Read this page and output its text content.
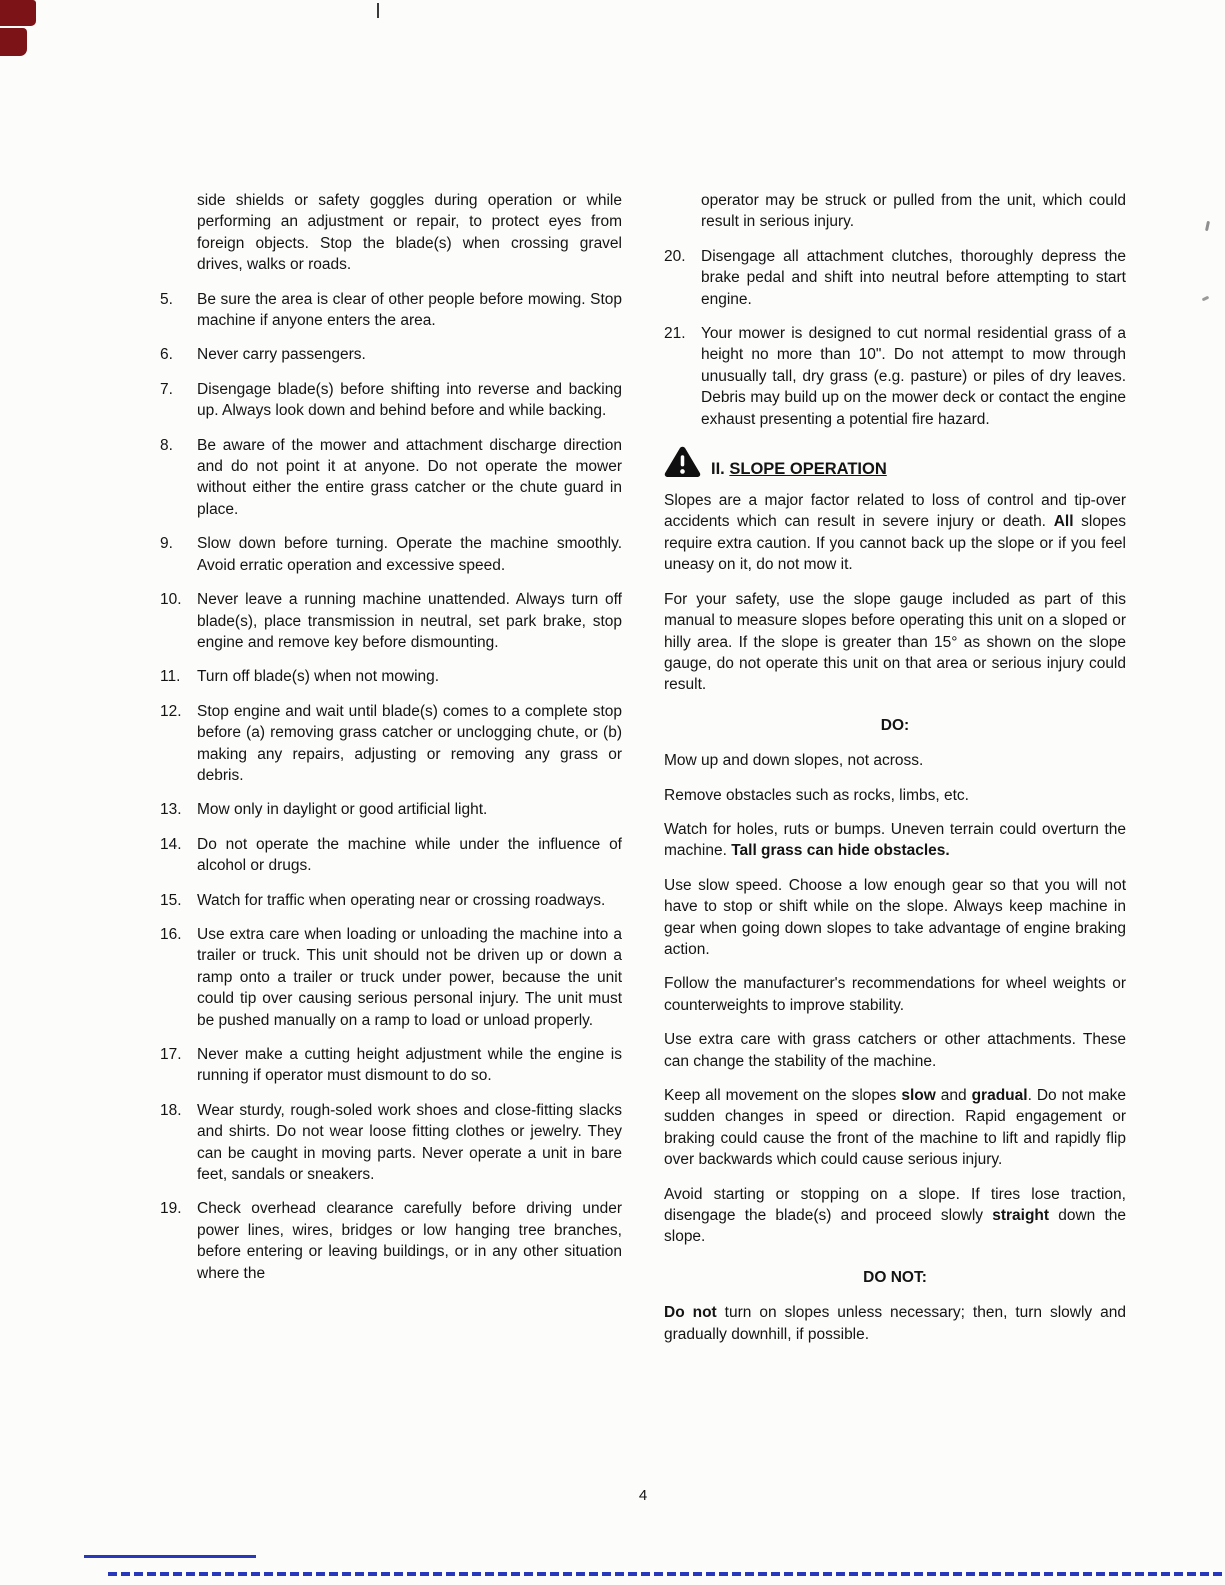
side shields or safety goggles during operation or while performing an adjustment or repair, to protect eyes from foreign objects. Stop the blade(s) when crossing gravel drives, walks or roads.

5.	Be sure the area is clear of other people before mowing. Stop machine if anyone enters the area.
6.	Never carry passengers.
7.	Disengage blade(s) before shifting into reverse and backing up. Always look down and behind before and while backing.
8.	Be aware of the mower and attachment discharge direction and do not point it at anyone. Do not operate the mower without either the entire grass catcher or the chute guard in place.
9.	Slow down before turning. Operate the machine smoothly. Avoid erratic operation and excessive speed.
10. Never leave a running machine unattended. Always turn off blade(s), place transmission in neutral, set park brake, stop engine and remove key before dismounting.
11.	Turn off blade(s) when not mowing.
12. Stop engine and wait until blade(s) comes to a complete stop before (a) removing grass catcher or unclogging chute, or (b) making any repairs, adjusting or removing any grass or debris.
13. Mow only in daylight or good artificial light.
14. Do not operate the machine while under the influence of alcohol or drugs.
15. Watch for traffic when operating near or crossing roadways.
16. Use extra care when loading or unloading the machine into a trailer or truck. This unit should not be driven up or down a ramp onto a trailer or truck under power, because the unit could tip over causing serious personal injury. The unit must be pushed manually on a ramp to load or unload properly.
17. Never make a cutting height adjustment while the engine is running if operator must dismount to do so.
18. Wear sturdy, rough-soled work shoes and close-fitting slacks and shirts. Do not wear loose fitting clothes or jewelry. They can be caught in moving parts. Never operate a unit in bare feet, sandals or sneakers.
19. Check overhead clearance carefully before driving under power lines, wires, bridges or low hanging tree branches, before entering or leaving buildings, or in any other situation where the

operator may be struck or pulled from the unit, which could result in serious injury.

20. Disengage all attachment clutches, thoroughly depress the brake pedal and shift into neutral before attempting to start engine.
21. Your mower is designed to cut normal residential grass of a height no more than 10". Do not attempt to mow through unusually tall, dry grass (e.g. pasture) or piles of dry leaves. Debris may build up on the mower deck or contact the engine exhaust presenting a potential fire hazard.
II. SLOPE OPERATION

Slopes are a major factor related to loss of control and tip-over accidents which can result in severe injury or death. All slopes require extra caution. If you cannot back up the slope or if you feel uneasy on it, do not mow it.

For your safety, use the slope gauge included as part of this manual to measure slopes before operating this unit on a sloped or hilly area. If the slope is greater than 15° as shown on the slope gauge, do not operate this unit on that area or serious injury could result.

DO:

Mow up and down slopes, not across.

Remove obstacles such as rocks, limbs, etc.

Watch for holes, ruts or bumps. Uneven terrain could overturn the machine. Tall grass can hide obstacles.

Use slow speed. Choose a low enough gear so that you will not have to stop or shift while on the slope. Always keep machine in gear when going down slopes to take advantage of engine braking action.

Follow the manufacturer's recommendations for wheel weights or counterweights to improve stability.

Use extra care with grass catchers or other attachments. These can change the stability of the machine.

Keep all movement on the slopes slow and gradual. Do not make sudden changes in speed or direction. Rapid engagement or braking could cause the front of the machine to lift and rapidly flip over backwards which could cause serious injury.

Avoid starting or stopping on a slope. If tires lose traction, disengage the blade(s) and proceed slowly straight down the slope.

DO NOT:

Do not turn on slopes unless necessary; then, turn slowly and gradually downhill, if possible.

4
